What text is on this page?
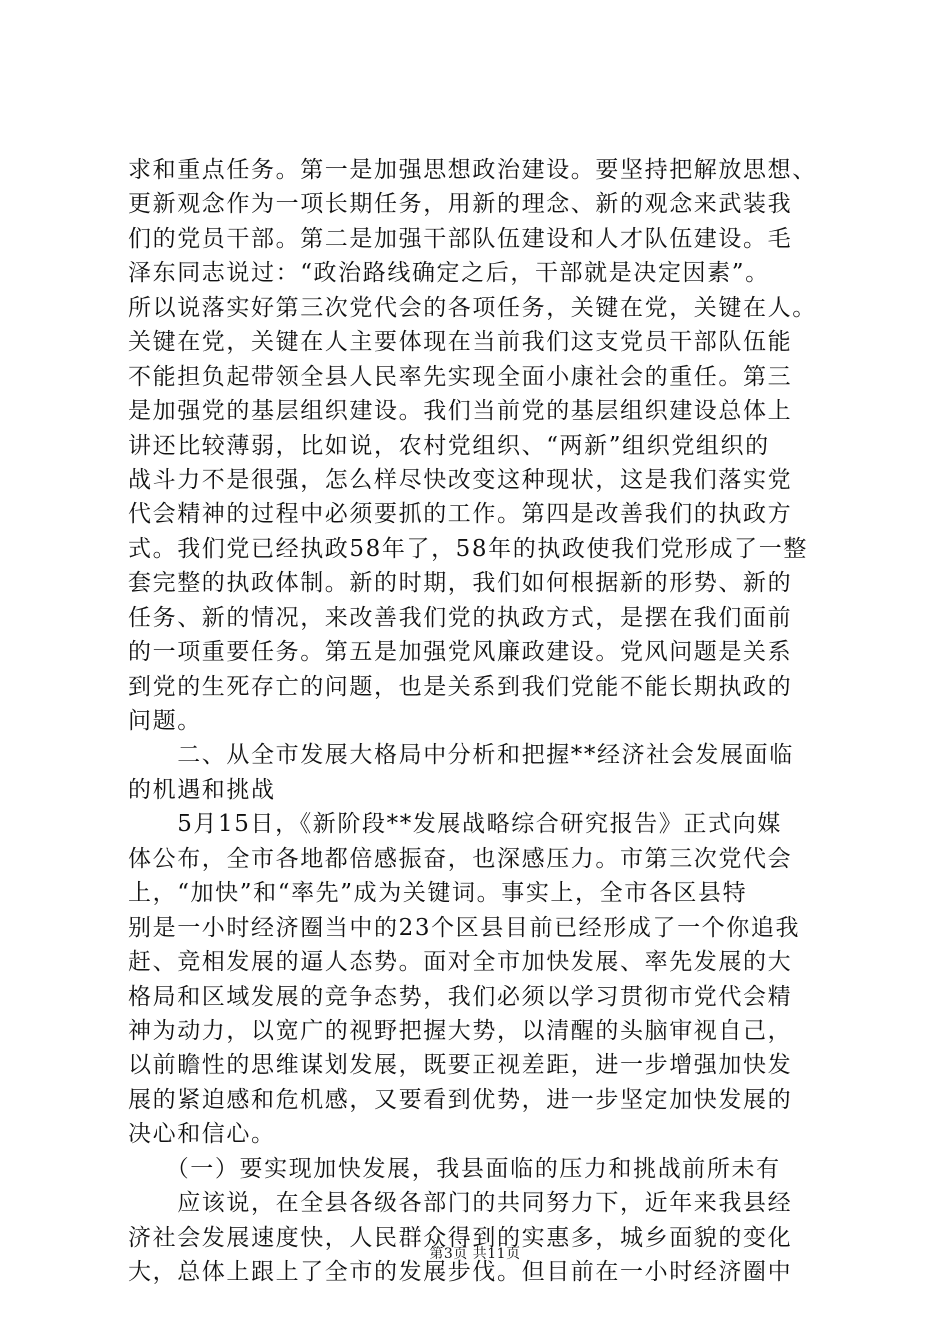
求和重点任务。第一是加强思想政治建设。要坚持把解放思想、
更新观念作为一项长期任务，用新的理念、新的观念来武装我
们的党员干部。第二是加强干部队伍建设和人才队伍建设。毛
泽东同志说过：“政治路线确定之后，干部就是决定因素”。
所以说落实好第三次党代会的各项任务，关键在党，关键在人。
关键在党，关键在人主要体现在当前我们这支党员干部队伍能
不能担负起带领全县人民率先实现全面小康社会的重任。第三
是加强党的基层组织建设。我们当前党的基层组织建设总体上
讲还比较薄弱，比如说，农村党组织、“两新”组织党组织的
战斗力不是很强，怎么样尽快改变这种现状，这是我们落实党
代会精神的过程中必须要抓的工作。第四是改善我们的执政方
式。我们党已经执政58年了，58年的执政使我们党形成了一整
套完整的执政体制。新的时期，我们如何根据新的形势、新的
任务、新的情况，来改善我们党的执政方式，是摆在我们面前
的一项重要任务。第五是加强党风廉政建设。党风问题是关系
到党的生死存亡的问题，也是关系到我们党能不能长期执政的
问题。
　　二、从全市发展大格局中分析和把握**经济社会发展面临
的机遇和挑战
　　5月15日，《新阶段**发展战略综合研究报告》正式向媒
体公布，全市各地都倍感振奋，也深感压力。市第三次党代会
上，“加快”和“率先”成为关键词。事实上，全市各区县特
别是一小时经济圈当中的23个区县目前已经形成了一个你追我
赶、竞相发展的逼人态势。面对全市加快发展、率先发展的大
格局和区域发展的竞争态势，我们必须以学习贯彻市党代会精
神为动力，以宽广的视野把握大势，以清醒的头脑审视自己，
以前瞻性的思维谋划发展，既要正视差距，进一步增强加快发
展的紧迫感和危机感，又要看到优势，进一步坚定加快发展的
决心和信心。
　　（一）要实现加快发展，我县面临的压力和挑战前所未有
　　应该说，在全县各级各部门的共同努力下，近年来我县经
济社会发展速度快，人民群众得到的实惠多，城乡面貌的变化
大，总体上跟上了全市的发展步伐。但目前在一小时经济圈中
第3页 共11页
